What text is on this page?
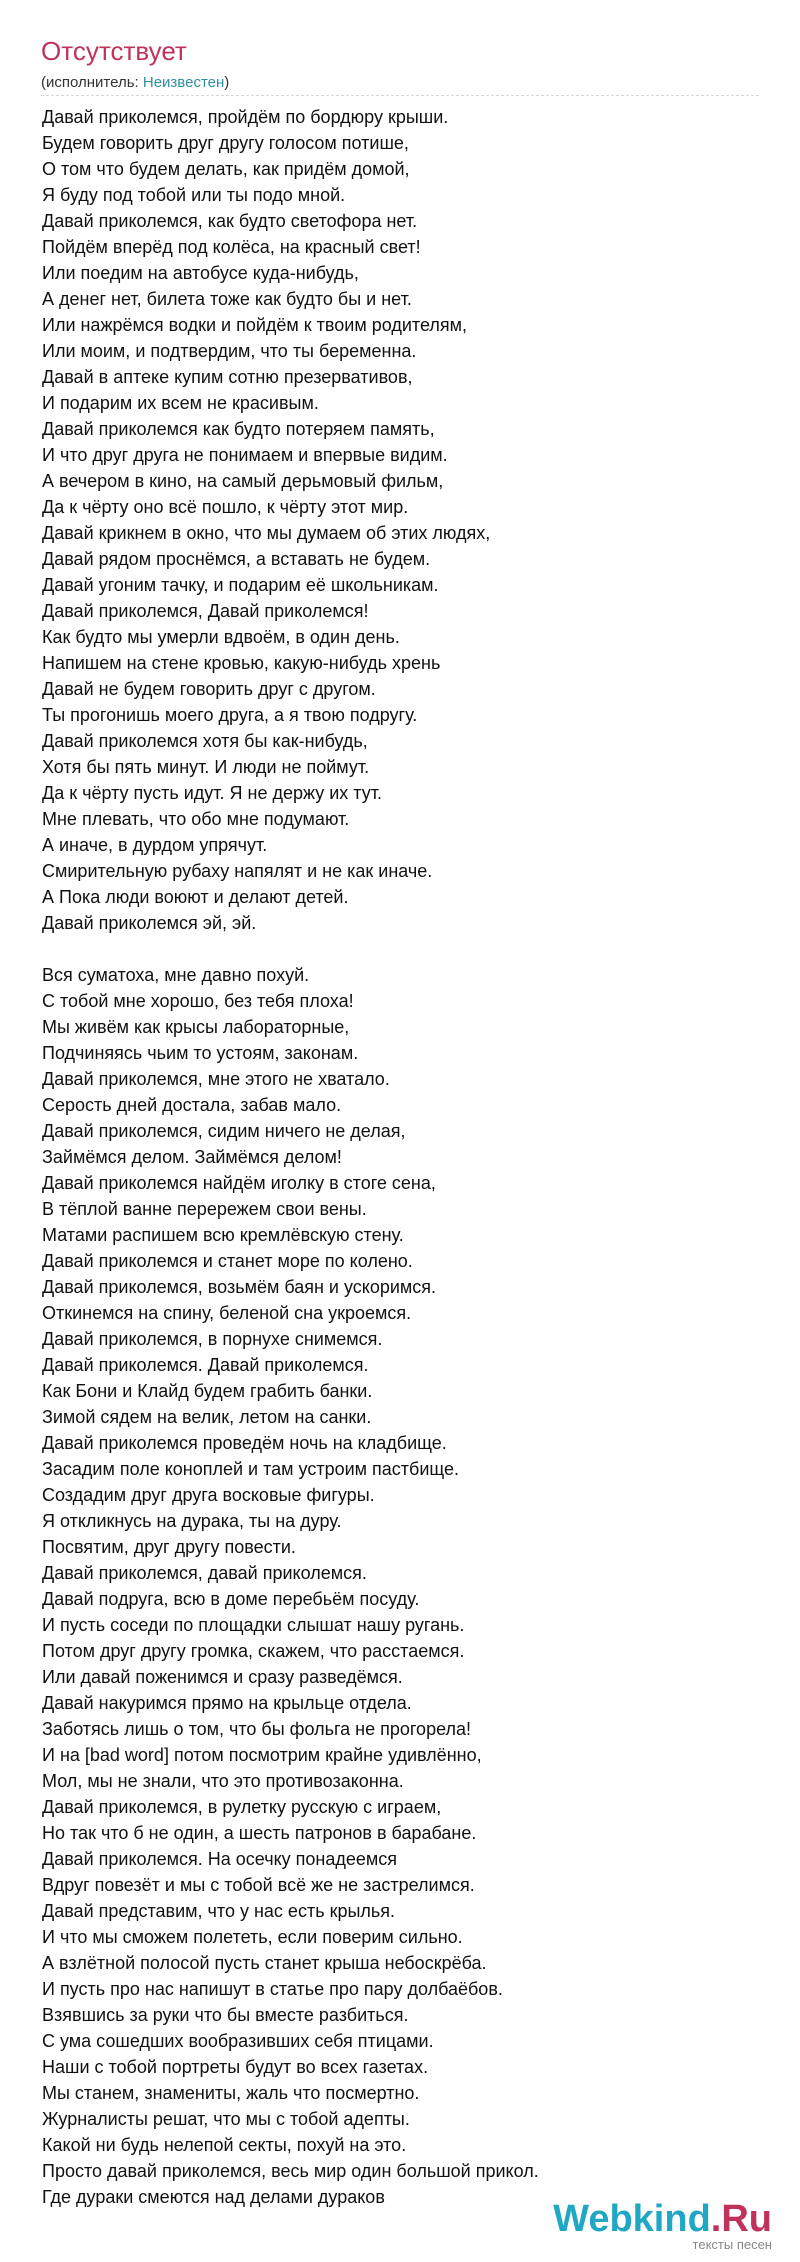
Отсутствует
(исполнитель: Неизвестен)
Давай приколемся, пройдём по бордюру крыши.
Будем говорить друг другу голосом потише,
О том что будем делать, как придём домой,
Я буду под тобой или ты подо мной.
Давай приколемся, как будто светофора нет.
Пойдём вперёд под колёса, на красный свет!
Или поедим на автобусе куда-нибудь,
А денег нет, билета тоже как будто бы и нет.
Или нажрёмся водки и пойдём к твоим родителям,
Или моим, и подтвердим, что ты беременна.
Давай в аптеке купим сотню презервативов,
И подарим их всем не красивым.
Давай приколемся как будто потеряем память,
И что друг друга не понимаем и впервые видим.
А вечером в кино, на самый дерьмовый фильм,
Да к чёрту оно всё пошло, к чёрту этот мир.
Давай крикнем в окно, что мы думаем об этих людях,
Давай рядом проснёмся, а вставать не будем.
Давай угоним тачку, и подарим её школьникам.
Давай приколемся, Давай приколемся!
Как будто мы умерли вдвоём, в один день.
Напишем на стене кровью, какую-нибудь хрень
Давай не будем говорить друг с другом.
Ты прогонишь моего друга, а я твою подругу.
Давай приколемся хотя бы как-нибудь,
Хотя бы пять минут. И люди не поймут.
Да к чёрту пусть идут. Я не держу их тут.
Мне плевать, что обо мне подумают.
А иначе, в дурдом упрячут.
Смирительную рубаху напялят и не как иначе.
А Пока люди воюют и делают детей.
Давай приколемся эй, эй.
Вся суматоха, мне давно похуй.
С тобой мне хорошо, без тебя плоха!
Мы живём как крысы лабораторные,
Подчиняясь чьим то устоям, законам.
Давай приколемся, мне этого не хватало.
Серость дней достала, забав мало.
Давай приколемся, сидим ничего не делая,
Займёмся делом. Займёмся делом!
Давай приколемся найдём иголку в стоге сена,
В тёплой ванне перережем свои вены.
Матами распишем всю кремлёвскую стену.
Давай приколемся и станет море по колено.
Давай приколемся, возьмём баян и ускоримся.
Откинемся на спину, беленой сна укроемся.
Давай приколемся, в порнухе снимемся.
Давай приколемся. Давай приколемся.
Как Бони и Клайд будем грабить банки.
Зимой сядем на велик, летом на санки.
Давай приколемся проведём ночь на кладбище.
Засадим поле коноплей и там устроим пастбище.
Создадим друг друга восковые фигуры.
Я откликнусь на дурака, ты на дуру.
Посвятим, друг другу повести.
Давай приколемся, давай приколемся.
Давай подруга, всю в доме перебьём посуду.
И пусть соседи по площадки слышат нашу ругань.
Потом друг другу громка, скажем, что расстаемся.
Или давай поженимся и сразу разведёмся.
Давай накуримся прямо на крыльце отдела.
Заботясь лишь о том, что бы фольга не прогорела!
И на [bad word] потом посмотрим крайне удивлённо,
Мол, мы не знали, что это противозаконна.
Давай приколемся, в рулетку русскую с играем,
Но так что б не один, а шесть патронов в барабане.
Давай приколемся. На осечку понадеемся
Вдруг повезёт и мы с тобой всё же не застрелимся.
Давай представим, что у нас есть крылья.
И что мы сможем полететь, если поверим сильно.
А взлётной полосой пусть станет крыша небоскрёба.
И пусть про нас напишут в статье про пару долбаёбов.
Взявшись за руки что бы вместе разбиться.
С ума сошедших вообразивших себя птицами.
Наши с тобой портреты будут во всех газетах.
Мы станем, знамениты, жаль что посмертно.
Журналисты решат, что мы с тобой адепты.
Какой ни будь нелепой секты, похуй на это.
Просто давай приколемся, весь мир один большой прикол.
Где дураки смеются над делами дураков
Webkind.Ru
тексты песен
